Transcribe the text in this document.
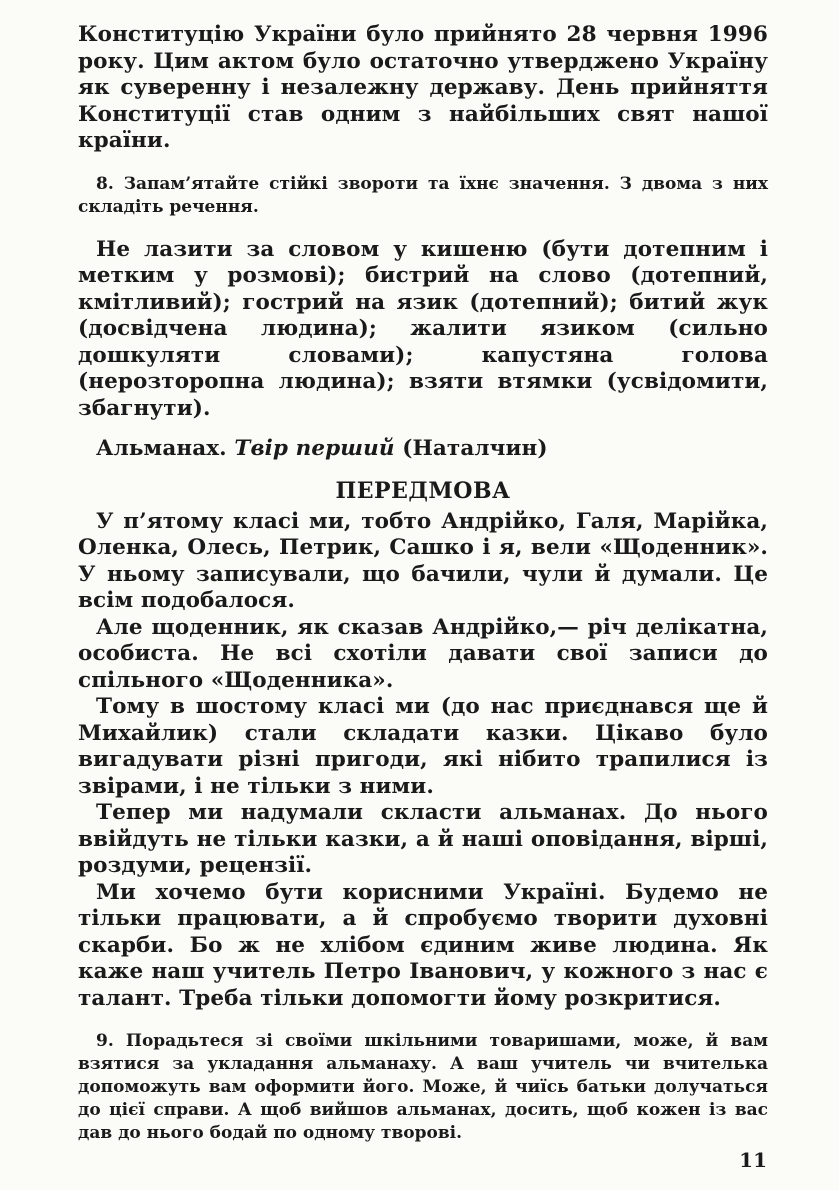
Конституцію України було прийнято 28 червня 1996 року. Цим актом було остаточно утверджено Україну як суверенну і незалежну державу. День прийняття Конституції став одним з найбільших свят нашої країни.

8. Запам’ятайте стійкі звороти та їхнє значення. З двома з них складіть речення.

Не лазити за словом у кишеню (бути дотепним і метким у розмові); бистрий на слово (дотепний, кмітливий); гострий на язик (дотепний); битий жук (досвідчена людина); жалити язиком (сильно дошкуляти словами); капустяна голова (нерозторопна людина); взяти втямки (усвідомити, збагнути).

Альманах. Твір перший (Наталчин)

ПЕРЕДМОВА

У п’ятому класі ми, тобто Андрійко, Галя, Марійка, Оленка, Олесь, Петрик, Сашко і я, вели «Щоденник». У ньому записували, що бачили, чули й думали. Це всім подобалося.

Але щоденник, як сказав Андрійко,— річ делікатна, особиста. Не всі схотіли давати свої записи до спільного «Щоденника».

Тому в шостому класі ми (до нас приєднався ще й Михайлик) стали складати казки. Цікаво було вигадувати різні пригоди, які нібито трапилися із звірами, і не тільки з ними.

Тепер ми надумали скласти альманах. До нього ввійдуть не тільки казки, а й наші оповідання, вірші, роздуми, рецензії.

Ми хочемо бути корисними Україні. Будемо не тільки працювати, а й спробуємо творити духовні скарби. Бо ж не хлібом єдиним живе людина. Як каже наш учитель Петро Іванович, у кожного з нас є талант. Треба тільки допомогти йому розкритися.

9. Порадьтеся зі своїми шкільними товаришами, може, й вам взятися за укладання альманаху. А ваш учитель чи вчителька допоможуть вам оформити його. Може, й чиїсь батьки долучаться до цієї справи. А щоб вийшов альманах, досить, щоб кожен із вас дав до нього бодай по одному творові.

11
